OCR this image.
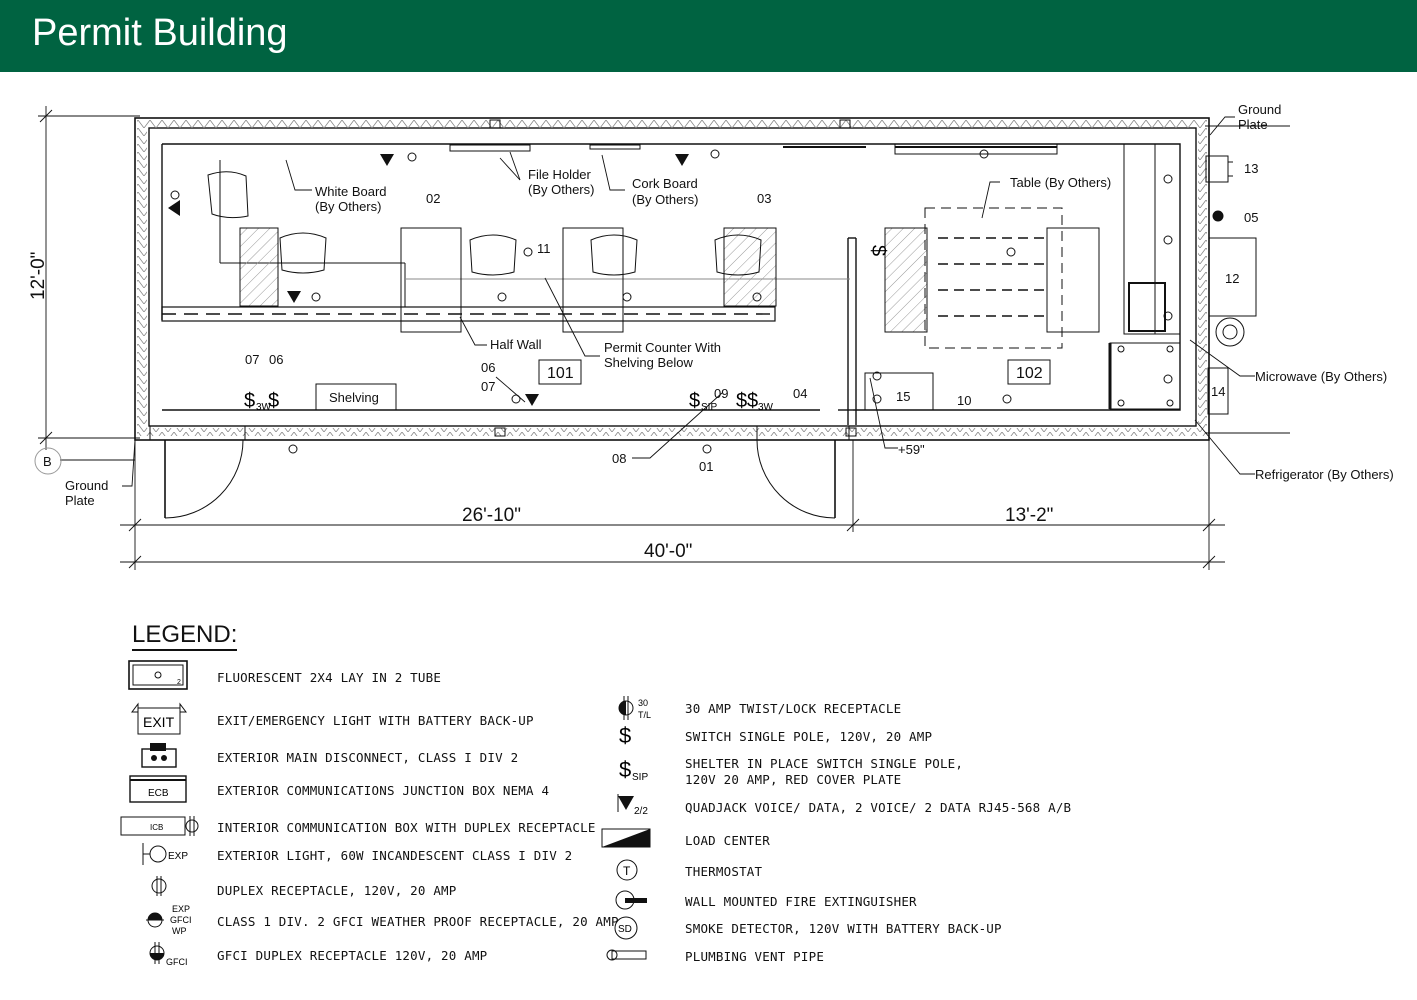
Permit Building
B
12'-0"
26'-10"	13'-2"
40'-0"
+59"
101	102
Shelving
Ground
Plate
Ground
Plate
White Board
(By Others)
File Holder
(By Others)	Cork Board
(By Others)
Table (By Others)
Half Wall	Permit Counter With
Shelving Below
Microwave (By Others)
Refrigerator (By Others)
02	03
11
07 06
06
07	09	04
08
01
15	10
13
05
12
14
$ 3W
$	$ SIP $ $ 3W
$
LEGEND:
2	FLUORESCENT 2X4 LAY IN 2 TUBE
EXIT	EXIT/EMERGENCY LIGHT WITH BATTERY BACK-UP
EXTERIOR MAIN DISCONNECT, CLASS I DIV 2
ECB	EXTERIOR COMMUNICATIONS JUNCTION BOX NEMA 4
ICB	INTERIOR COMMUNICATION BOX WITH DUPLEX RECEPTACLE
EXP EXTERIOR LIGHT, 60W INCANDESCENT CLASS I DIV 2
DUPLEX RECEPTACLE, 120V, 20 AMP
EXP
GFCI
WP
CLASS 1 DIV. 2 GFCI WEATHER PROOF RECEPTACLE, 20 AMP
GFCI GFCI DUPLEX RECEPTACLE 120V, 20 AMP
30
T/L	30 AMP TWIST/LOCK RECEPTACLE
$	SWITCH SINGLE POLE, 120V, 20 AMP
$ SIP
SHELTER IN PLACE SWITCH SINGLE POLE,
120V 20 AMP, RED COVER PLATE
2/2	QUADJACK VOICE/ DATA, 2 VOICE/ 2 DATA RJ45-568 A/B
LOAD CENTER
T	THERMOSTAT
WALL MOUNTED FIRE EXTINGUISHER
SD	SMOKE DETECTOR, 120V WITH BATTERY BACK-UP
PLUMBING VENT PIPE
